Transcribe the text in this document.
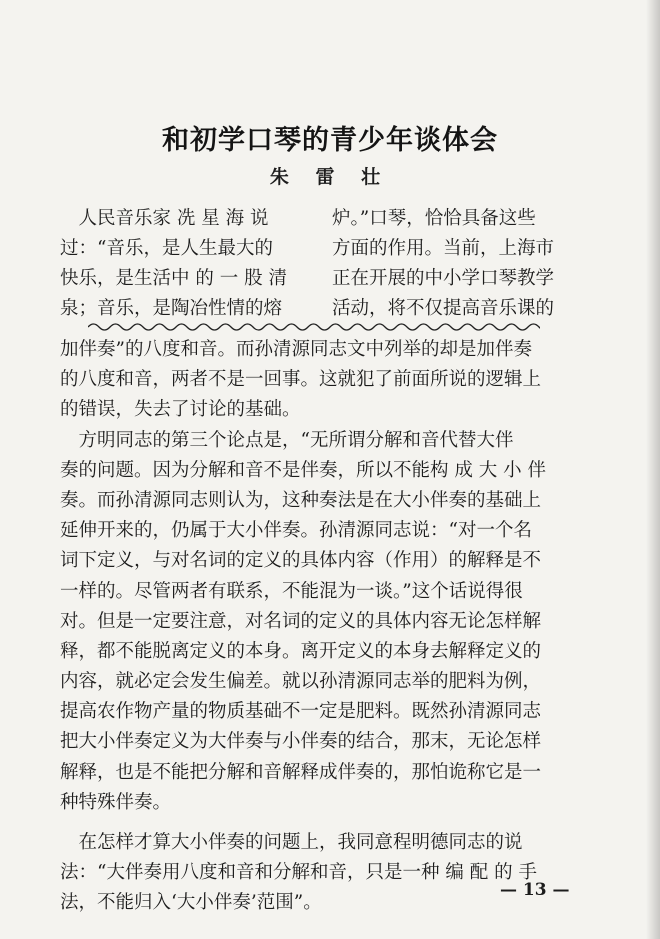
和初学口琴的青少年谈体会
朱 雷 壮
　人民音乐家 冼 星 海 说
过：“音乐，是人生最大的
快乐，是生活中 的 一 股 清
泉；音乐，是陶冶性情的熔
炉。”口琴，恰恰具备这些
方面的作用。当前，上海市
正在开展的中小学口琴教学
活动，将不仅提高音乐课的
加伴奏”的八度和音。而孙清源同志文中列举的却是加伴奏
的八度和音，两者不是一回事。这就犯了前面所说的逻辑上
的错误，失去了讨论的基础。
　方明同志的第三个论点是，“无所谓分解和音代替大伴
奏的问题。因为分解和音不是伴奏，所以不能构 成 大 小 伴
奏。而孙清源同志则认为，这种奏法是在大小伴奏的基础上
延伸开来的，仍属于大小伴奏。孙清源同志说：“对一个名
词下定义，与对名词的定义的具体内容（作用）的解释是不
一样的。尽管两者有联系，不能混为一谈。”这个话说得很
对。但是一定要注意，对名词的定义的具体内容无论怎样解
释，都不能脱离定义的本身。离开定义的本身去解释定义的
内容，就必定会发生偏差。就以孙清源同志举的肥料为例，
提高农作物产量的物质基础不一定是肥料。既然孙清源同志
把大小伴奏定义为大伴奏与小伴奏的结合，那末，无论怎样
解释，也是不能把分解和音解释成伴奏的，那怕诡称它是一
种特殊伴奏。
　在怎样才算大小伴奏的问题上，我同意程明德同志的说
法：“大伴奏用八度和音和分解和音，只是一种 编 配 的 手
法，不能归入‘大小伴奏’范围”。
— 13 —
